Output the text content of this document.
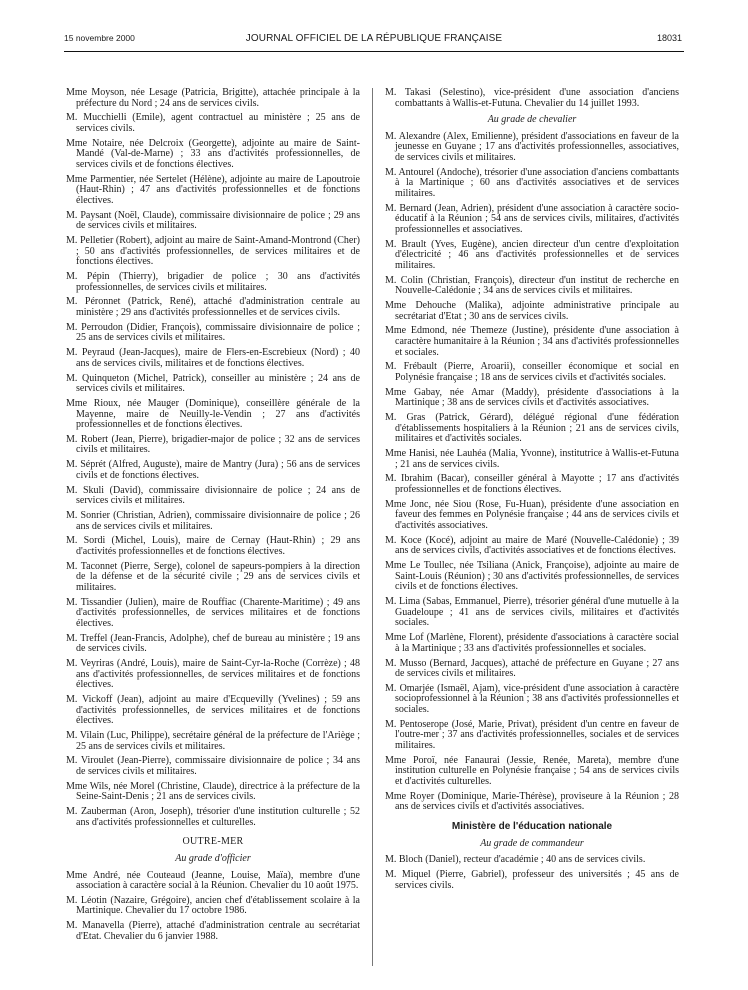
15 novembre 2000	JOURNAL OFFICIEL DE LA RÉPUBLIQUE FRANÇAISE	18031

Mme Moyson, née Lesage (Patricia, Brigitte), attachée principale à la préfecture du Nord ; 24 ans de services civils.

M. Mucchielli (Emile), agent contractuel au ministère ; 25 ans de services civils.

Mme Notaire, née Delcroix (Georgette), adjointe au maire de Saint-Mandé (Val-de-Marne) ; 33 ans d'activités professionnelles, de services civils et de fonctions électives.

Mme Parmentier, née Sertelet (Hélène), adjointe au maire de Lapoutroie (Haut-Rhin) ; 47 ans d'activités professionnelles et de fonctions électives.

M. Paysant (Noël, Claude), commissaire divisionnaire de police ; 29 ans de services civils et militaires.

M. Pelletier (Robert), adjoint au maire de Saint-Amand-Montrond (Cher) ; 50 ans d'activités professionnelles, de services militaires et de fonctions électives.

M. Pépin (Thierry), brigadier de police ; 30 ans d'activités professionnelles, de services civils et militaires.

M. Péronnet (Patrick, René), attaché d'administration centrale au ministère ; 29 ans d'activités professionnelles et de services civils.

M. Perroudon (Didier, François), commissaire divisionnaire de police ; 25 ans de services civils et militaires.

M. Peyraud (Jean-Jacques), maire de Flers-en-Escrebieux (Nord) ; 40 ans de services civils, militaires et de fonctions électives.

M. Quinqueton (Michel, Patrick), conseiller au ministère ; 24 ans de services civils et militaires.

Mme Rioux, née Mauger (Dominique), conseillère générale de la Mayenne, maire de Neuilly-le-Vendin ; 27 ans d'activités professionnelles et de fonctions électives.

M. Robert (Jean, Pierre), brigadier-major de police ; 32 ans de services civils et militaires.

M. Séprét (Alfred, Auguste), maire de Mantry (Jura) ; 56 ans de services civils et de fonctions électives.

M. Skuli (David), commissaire divisionnaire de police ; 24 ans de services civils et militaires.

M. Sonrier (Christian, Adrien), commissaire divisionnaire de police ; 26 ans de services civils et militaires.

M. Sordi (Michel, Louis), maire de Cernay (Haut-Rhin) ; 29 ans d'activités professionnelles et de fonctions électives.

M. Taconnet (Pierre, Serge), colonel de sapeurs-pompiers à la direction de la défense et de la sécurité civile ; 29 ans de services civils et militaires.

M. Tissandier (Julien), maire de Rouffiac (Charente-Maritime) ; 49 ans d'activités professionnelles, de services militaires et de fonctions électives.

M. Treffel (Jean-Francis, Adolphe), chef de bureau au ministère ; 19 ans de services civils.

M. Veyriras (André, Louis), maire de Saint-Cyr-la-Roche (Corrèze) ; 48 ans d'activités professionnelles, de services militaires et de fonctions électives.

M. Vickoff (Jean), adjoint au maire d'Ecquevilly (Yvelines) ; 59 ans d'activités professionnelles, de services militaires et de fonctions électives.

M. Vilain (Luc, Philippe), secrétaire général de la préfecture de l'Ariège ; 25 ans de services civils et militaires.

M. Viroulet (Jean-Pierre), commissaire divisionnaire de police ; 34 ans de services civils et militaires.

Mme Wils, née Morel (Christine, Claude), directrice à la préfecture de la Seine-Saint-Denis ; 21 ans de services civils.

M. Zauberman (Aron, Joseph), trésorier d'une institution culturelle ; 52 ans d'activités professionnelles et culturelles.

OUTRE-MER
Au grade d'officier

Mme André, née Couteaud (Jeanne, Louise, Maïa), membre d'une association à caractère social à la Réunion. Chevalier du 10 août 1975.

M. Léotin (Nazaire, Grégoire), ancien chef d'établissement scolaire à la Martinique. Chevalier du 17 octobre 1986.

M. Manavella (Pierre), attaché d'administration centrale au secrétariat d'Etat. Chevalier du 6 janvier 1988.

M. Takasi (Selestino), vice-président d'une association d'anciens combattants à Wallis-et-Futuna. Chevalier du 14 juillet 1993.

Au grade de chevalier

M. Alexandre (Alex, Emilienne), président d'associations en faveur de la jeunesse en Guyane ; 17 ans d'activités professionnelles, associatives, de services civils et militaires.

M. Antourel (Andoche), trésorier d'une association d'anciens combattants à la Martinique ; 60 ans d'activités associatives et de services militaires.

M. Bernard (Jean, Adrien), président d'une association à caractère socio-éducatif à la Réunion ; 54 ans de services civils, militaires, d'activités professionnelles et associatives.

M. Brault (Yves, Eugène), ancien directeur d'un centre d'exploitation d'électricité ; 46 ans d'activités professionnelles et de services militaires.

M. Colin (Christian, François), directeur d'un institut de recherche en Nouvelle-Calédonie ; 34 ans de services civils et militaires.

Mme Dehouche (Malika), adjointe administrative principale au secrétariat d'Etat ; 30 ans de services civils.

Mme Edmond, née Themeze (Justine), présidente d'une association à caractère humanitaire à la Réunion ; 34 ans d'activités professionnelles et sociales.

M. Frébault (Pierre, Aroarii), conseiller économique et social en Polynésie française ; 18 ans de services civils et d'activités sociales.

Mme Gabay, née Amar (Maddy), présidente d'associations à la Martinique ; 38 ans de services civils et d'activités associatives.

M. Gras (Patrick, Gérard), délégué régional d'une fédération d'établissements hospitaliers à la Réunion ; 21 ans de services civils, militaires et d'activités sociales.

Mme Hanisi, née Lauhéa (Malia, Yvonne), institutrice à Wallis-et-Futuna ; 21 ans de services civils.

M. Ibrahim (Bacar), conseiller général à Mayotte ; 17 ans d'activités professionnelles et de fonctions électives.

Mme Jonc, née Siou (Rose, Fu-Huan), présidente d'une association en faveur des femmes en Polynésie française ; 44 ans de services civils et d'activités associatives.

M. Koce (Kocé), adjoint au maire de Maré (Nouvelle-Calédonie) ; 39 ans de services civils, d'activités associatives et de fonctions électives.

Mme Le Toullec, née Tsiliana (Anick, Françoise), adjointe au maire de Saint-Louis (Réunion) ; 30 ans d'activités professionnelles, de services civils et de fonctions électives.

M. Lima (Sabas, Emmanuel, Pierre), trésorier général d'une mutuelle à la Guadeloupe ; 41 ans de services civils, militaires et d'activités sociales.

Mme Lof (Marlène, Florent), présidente d'associations à caractère social à la Martinique ; 33 ans d'activités professionnelles et sociales.

M. Musso (Bernard, Jacques), attaché de préfecture en Guyane ; 27 ans de services civils et militaires.

M. Omarjée (Ismaël, Ajam), vice-président d'une association à caractère socioprofessionnel à la Réunion ; 38 ans d'activités professionnelles et sociales.

M. Pentoserope (José, Marie, Privat), président d'un centre en faveur de l'outre-mer ; 37 ans d'activités professionnelles, sociales et de services militaires.

Mme Poroï, née Fanaurai (Jessie, Renée, Mareta), membre d'une institution culturelle en Polynésie française ; 54 ans de services civils et d'activités culturelles.

Mme Royer (Dominique, Marie-Thérèse), proviseure à la Réunion ; 28 ans de services civils et d'activités associatives.

Ministère de l'éducation nationale
Au grade de commandeur

M. Bloch (Daniel), recteur d'académie ; 40 ans de services civils.

M. Miquel (Pierre, Gabriel), professeur des universités ; 45 ans de services civils.
